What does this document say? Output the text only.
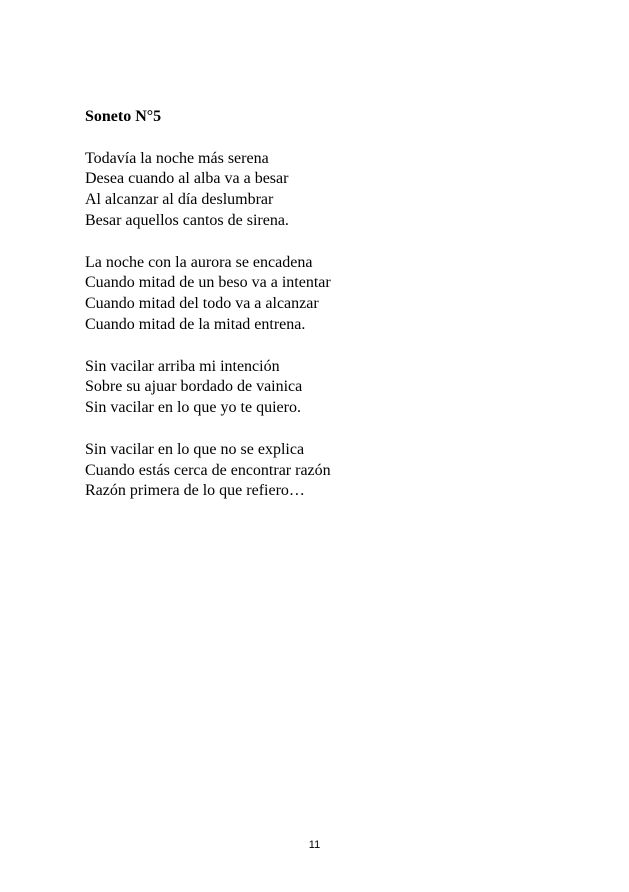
Soneto N°5
Todavía la noche más serena
Desea cuando al alba va a besar
Al alcanzar al día deslumbrar
Besar aquellos cantos de sirena.
La noche con la aurora se encadena
Cuando mitad de un beso va a intentar
Cuando mitad del todo va a alcanzar
Cuando mitad de la mitad entrena.
Sin vacilar arriba mi intención
Sobre su ajuar bordado de vainica
Sin vacilar en lo que yo te quiero.
Sin vacilar en lo que no se explica
Cuando estás cerca de encontrar razón
Razón primera de lo que refiero…
11
